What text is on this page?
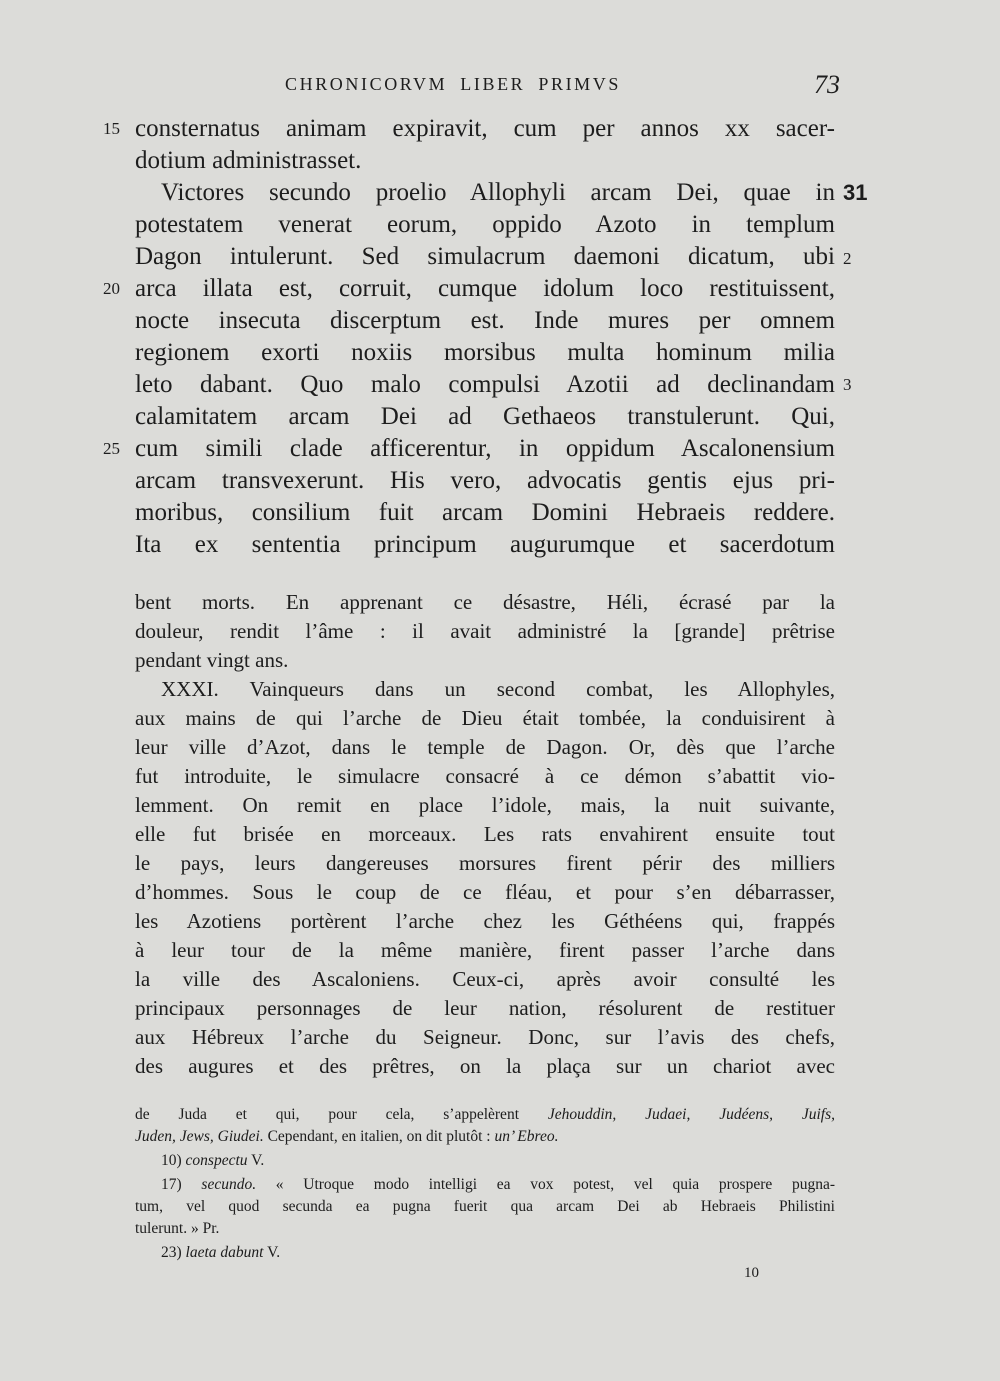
CHRONICORVM LIBER PRIMVS	73
15 consternatus animam expiravit, cum per annos xx sacer-
dotium administrasset.
Victores secundo proelio Allophyli arcam Dei, quae in 31
potestatem venerat eorum, oppido Azoto in templum
Dagon intulerunt. Sed simulacrum daemoni dicatum, ubi 2
20 arca illata est, corruit, cumque idolum loco restituissent,
nocte insecuta discerptum est. Inde mures per omnem
regionem exorti noxiis morsibus multa hominum milia
leto dabant. Quo malo compulsi Azotii ad declinandam 3
calamitatem arcam Dei ad Gethaeos transtulerunt. Qui,
25 cum simili clade afficerentur, in oppidum Ascalonensium
arcam transvexerunt. His vero, advocatis gentis ejus pri-
moribus, consilium fuit arcam Domini Hebraeis reddere.
Ita ex sententia principum augurumque et sacerdotum
bent morts. En apprenant ce désastre, Héli, écrasé par la
douleur, rendit l’âme : il avait administré la [grande] prêtrise
pendant vingt ans.
XXXI. Vainqueurs dans un second combat, les Allophyles,
aux mains de qui l’arche de Dieu était tombée, la conduisirent à
leur ville d’Azot, dans le temple de Dagon. Or, dès que l’arche
fut introduite, le simulacre consacré à ce démon s’abattit vio-
lemment. On remit en place l’idole, mais, la nuit suivante,
elle fut brisée en morceaux. Les rats envahirent ensuite tout
le pays, leurs dangereuses morsures firent périr des milliers
d’hommes. Sous le coup de ce fléau, et pour s’en débarrasser,
les Azotiens portèrent l’arche chez les Géthéens qui, frappés
à leur tour de la même manière, firent passer l’arche dans
la ville des Ascaloniens. Ceux-ci, après avoir consulté les
principaux personnages de leur nation, résolurent de restituer
aux Hébreux l’arche du Seigneur. Donc, sur l’avis des chefs,
des augures et des prêtres, on la plaça sur un chariot avec
de Juda et qui, pour cela, s’appelèrent Jehouddin, Judaei, Judéens, Juifs,
Juden, Jews, Giudei. Cependant, en italien, on dit plutôt : un’ Ebreo.
10) conspectu V.
17) secundo. « Utroque modo intelligi ea vox potest, vel quia prospere pugna-
tum, vel quod secunda ea pugna fuerit qua arcam Dei ab Hebraeis Philistini
tulerunt. » Pr.
23) laeta dabunt V.
10
